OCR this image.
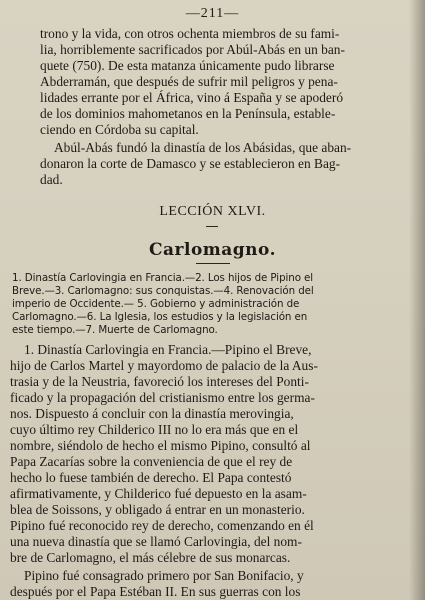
—211—
trono y la vida, con otros ochenta miembros de su fami-
lia, horriblemente sacrificados por Abúl-Abás en un ban-
quete (750). De esta matanza únicamente pudo librarse
Abderramán, que después de sufrir mil peligros y pena-
lidades errante por el África, vino á España y se apoderó
de los dominios mahometanos en la Península, estable-
ciendo en Córdoba su capital.
Abúl-Abás fundó la dinastía de los Abásidas, que aban-
donaron la corte de Damasco y se establecieron en Bag-
dad.
LECCIÓN XLVI.
Carlomagno.
1. Dinastía Carlovingia en Francia.—2. Los hijos de Pipino el
Breve.—3. Carlomagno: sus conquistas.—4. Renovación del
imperio de Occidente.— 5. Gobierno y administración de
Carlomagno.—6. La Iglesia, los estudios y la legislación en
este tiempo.—7. Muerte de Carlomagno.
1. Dinastía Carlovingia en Francia.—Pipino el Breve,
hijo de Carlos Martel y mayordomo de palacio de la Aus-
trasia y de la Neustria, favoreció los intereses del Ponti-
ficado y la propagación del cristianismo entre los germa-
nos. Dispuesto á concluir con la dinastía merovingia,
cuyo último rey Childerico III no lo era más que en el
nombre, siéndolo de hecho el mismo Pipino, consultó al
Papa Zacarías sobre la conveniencia de que el rey de
hecho lo fuese también de derecho. El Papa contestó
afirmativamente, y Childerico fué depuesto en la asam-
blea de Soissons, y obligado á entrar en un monasterio.
Pipino fué reconocido rey de derecho, comenzando en él
una nueva dinastía que se llamó Carlovingia, del nom-
bre de Carlomagno, el más célebre de sus monarcas.
Pipino fué consagrado primero por San Bonifacio, y
después por el Papa Estéban II. En sus guerras con los
